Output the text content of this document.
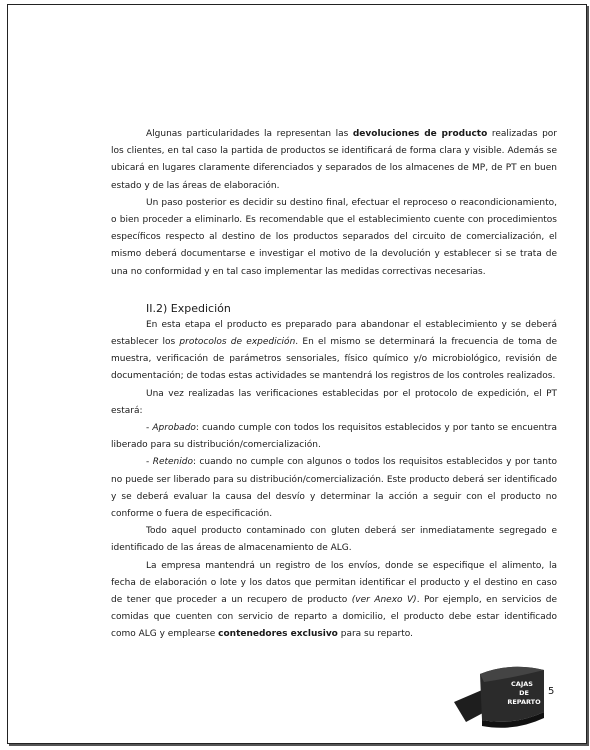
Algunas particularidades la representan las devoluciones de producto realizadas por los clientes, en tal caso la partida de productos se identificará de forma clara y visible. Además se ubicará en lugares claramente diferenciados y separados de los almacenes de MP, de PT en buen estado y de las áreas de elaboración.

Un paso posterior es decidir su destino final, efectuar el reproceso o reacondicionamiento, o bien proceder a eliminarlo. Es recomendable que el establecimiento cuente con procedimientos específicos respecto al destino de los productos separados del circuito de comercialización, el mismo deberá documentarse e investigar el motivo de la devolución y establecer si se trata de una no conformidad y en tal caso implementar las medidas correctivas necesarias.

II.2) Expedición

En esta etapa el producto es preparado para abandonar el establecimiento y se deberá establecer los protocolos de expedición. En el mismo se determinará la frecuencia de toma de muestra, verificación de parámetros sensoriales, físico químico y/o microbiológico, revisión de documentación; de todas estas actividades se mantendrá los registros de los controles realizados.

Una vez realizadas las verificaciones establecidas por el protocolo de expedición, el PT estará:

- Aprobado: cuando cumple con todos los requisitos establecidos y por tanto se encuentra liberado para su distribución/comercialización.

- Retenido: cuando no cumple con algunos o todos los requisitos establecidos y por tanto no puede ser liberado para su distribución/comercialización. Este producto deberá ser identificado y se deberá evaluar la causa del desvío y determinar la acción a seguir con el producto no conforme o fuera de especificación.

Todo aquel producto contaminado con gluten deberá ser inmediatamente segregado e identificado de las áreas de almacenamiento de ALG.

La empresa mantendrá un registro de los envíos, donde se especifique el alimento, la fecha de elaboración o lote y los datos que permitan identificar el producto y el destino en caso de tener que proceder a un recupero de producto (ver Anexo V). Por ejemplo, en servicios de comidas que cuenten con servicio de reparto a domicilio, el producto debe estar identificado como ALG y emplearse contenedores exclusivo para su reparto.

CAJAS
DE
REPARTO
5
